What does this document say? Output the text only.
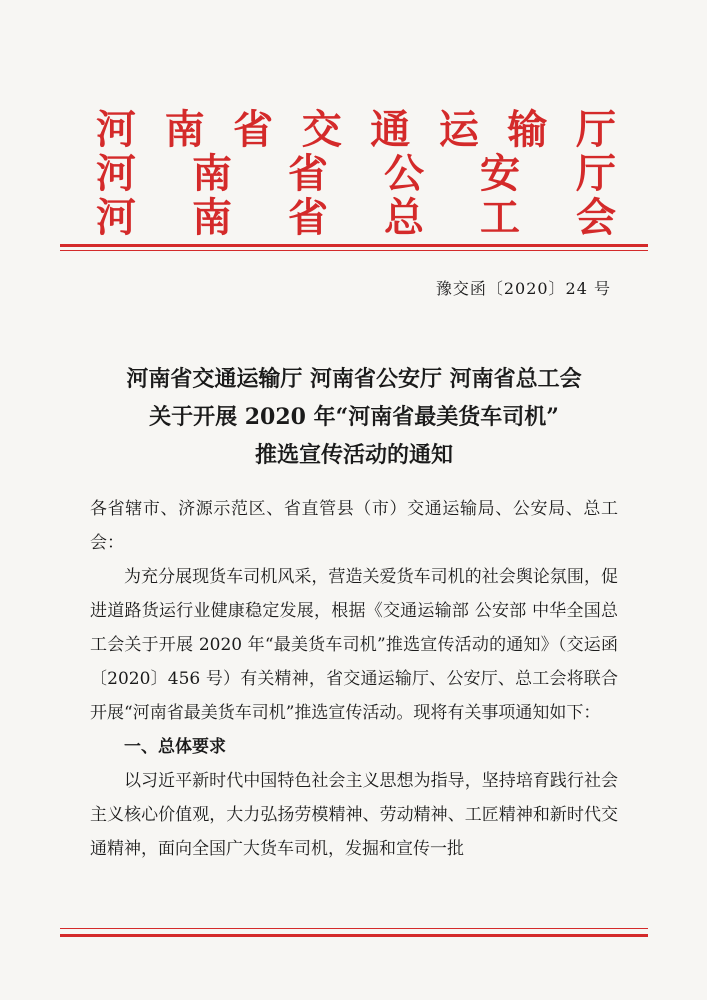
河 南 省 交 通 运 输 厅
河 南 省 公 安 厅
河 南 省 总 工 会
豫交函〔2020〕24 号
河南省交通运输厅 河南省公安厅 河南省总工会
关于开展 2020 年“河南省最美货车司机”
推选宣传活动的通知

各省辖市、济源示范区、省直管县（市）交通运输局、公安局、总工会：

为充分展现货车司机风采，营造关爱货车司机的社会舆论氛围，促进道路货运行业健康稳定发展，根据《交通运输部 公安部 中华全国总工会关于开展 2020 年“最美货车司机”推选宣传活动的通知》（交运函〔2020〕456 号）有关精神，省交通运输厅、公安厅、总工会将联合开展“河南省最美货车司机”推选宣传活动。现将有关事项通知如下：

一、总体要求

以习近平新时代中国特色社会主义思想为指导，坚持培育践行社会主义核心价值观，大力弘扬劳模精神、劳动精神、工匠精神和新时代交通精神，面向全国广大货车司机，发掘和宣传一批
